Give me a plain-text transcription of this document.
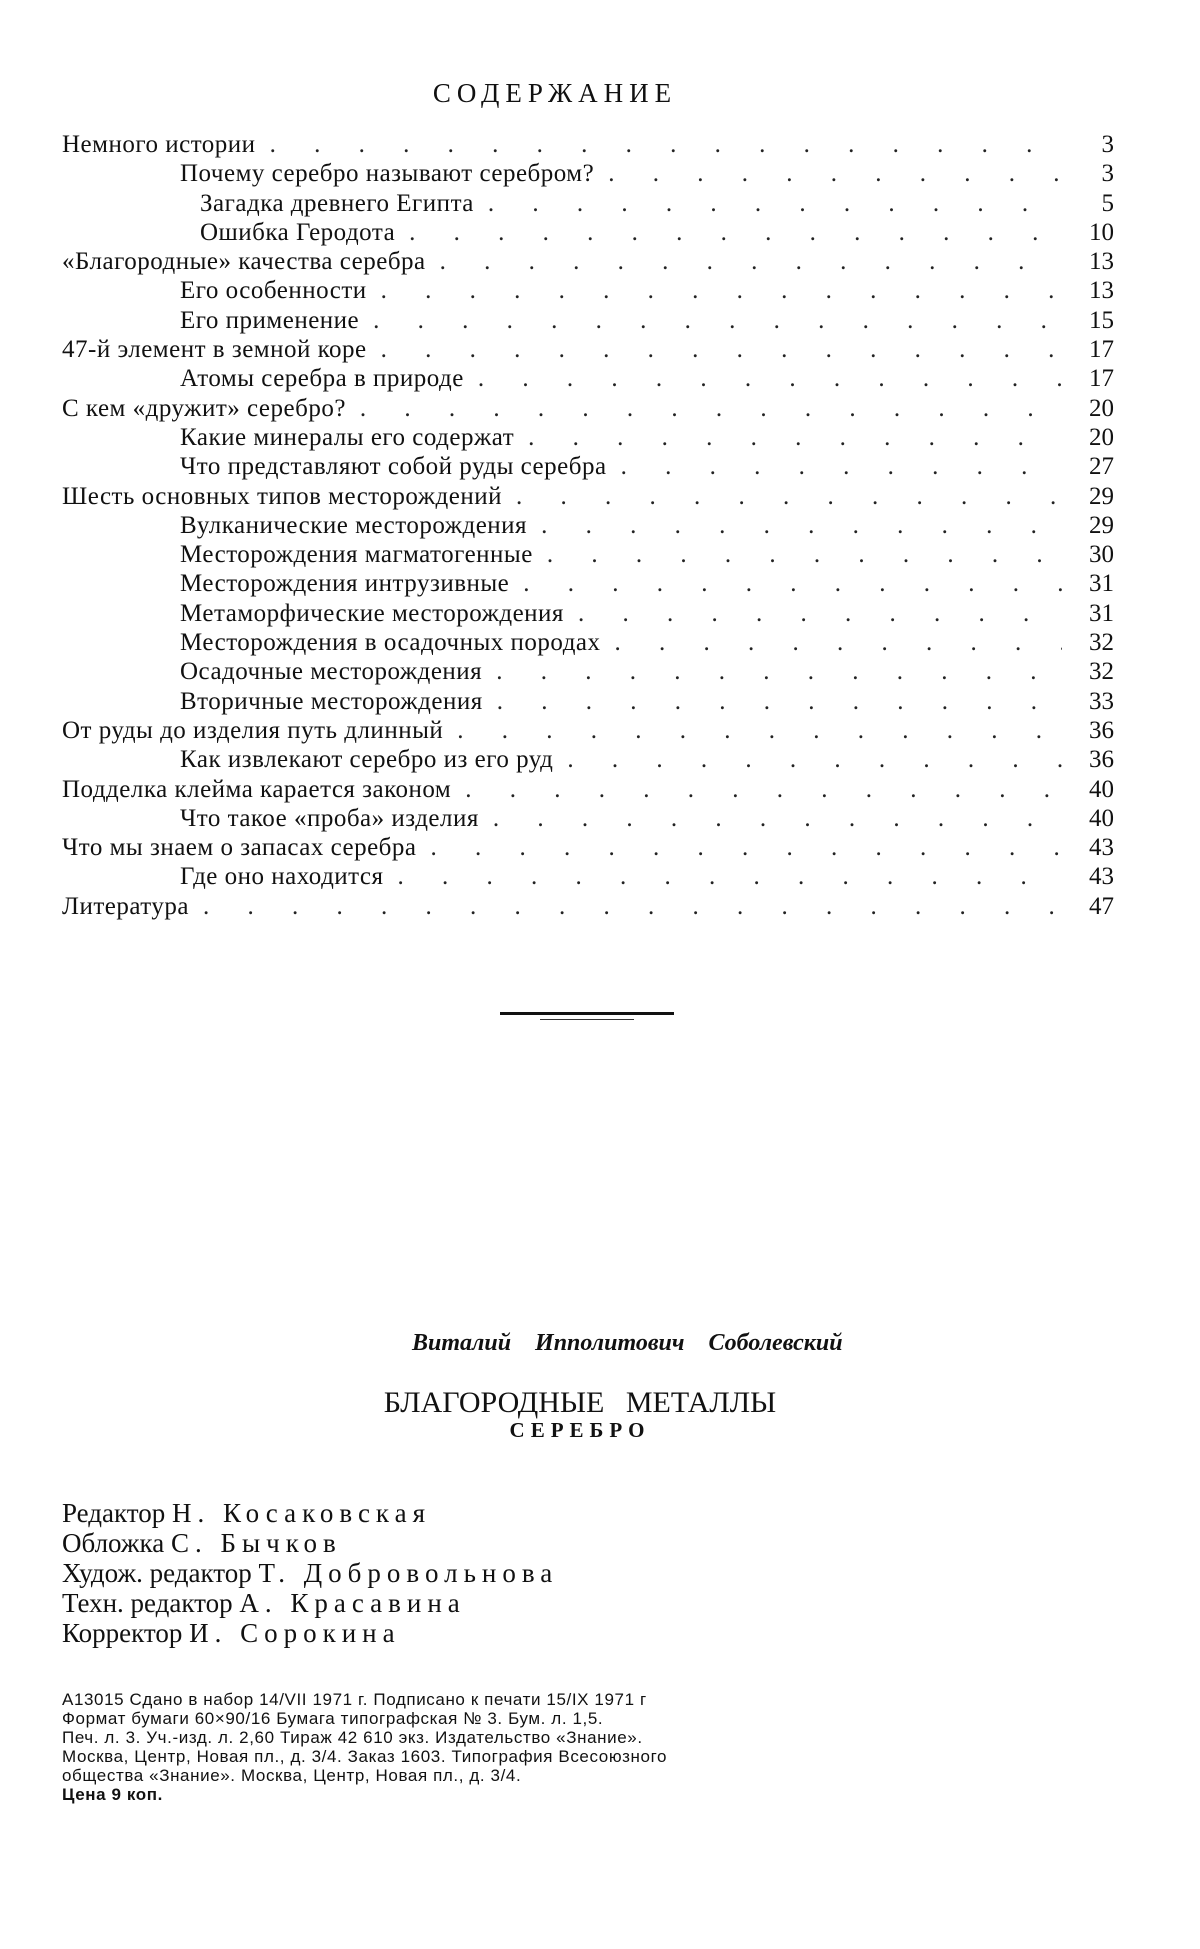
СОДЕРЖАНИЕ
Немного истории . . .	3
Почему серебро называют серебром? . . .	3
Загадка древнего Египта . . .	5
Ошибка Геродота . . .	10
«Благородные» качества серебра . . .	13
Его особенности . . .	13
Его применение . . .	15
47-й элемент в земной коре . . .	17
Атомы серебра в природе . . .	17
С кем «дружит» серебро? . . .	20
Какие минералы его содержат . . .	20
Что представляют собой руды серебра . . .	27
Шесть основных типов месторождений . . .	29
Вулканические месторождения . . .	29
Месторождения магматогенные . . .	30
Месторождения интрузивные . . .	31
Метаморфические месторождения . . .	31
Месторождения в осадочных породах . . .	32
Осадочные месторождения . . .	32
Вторичные месторождения . . .	33
От руды до изделия путь длинный . . .	36
Как извлекают серебро из его руд . . .	36
Подделка клейма карается законом . . .	40
Что такое «проба» изделия . . .	40
Что мы знаем о запасах серебра . . .	43
Где оно находится . . .	43
Литература . . .	47
Виталий Ипполитович Соболевский
БЛАГОРОДНЫЕ МЕТАЛЛЫ
СЕРЕБРО
Редактор Н. Косаковская
Обложка С. Бычков
Худож. редактор Т. Добровольнова
Техн. редактор А. Красавина
Корректор И. Сорокина
А13015 Сдано в набор 14/VII 1971 г. Подписано к печати 15/IX 1971 г
Формат бумаги 60×90/16 Бумага типографская № 3. Бум. л. 1,5.
Печ. л. 3. Уч.-изд. л. 2,60 Тираж 42 610 экз. Издательство «Знание».
Москва, Центр, Новая пл., д. 3/4. Заказ 1603. Типография Всесоюзного
общества «Знание». Москва, Центр, Новая пл., д. 3/4.
Цена 9 коп.
